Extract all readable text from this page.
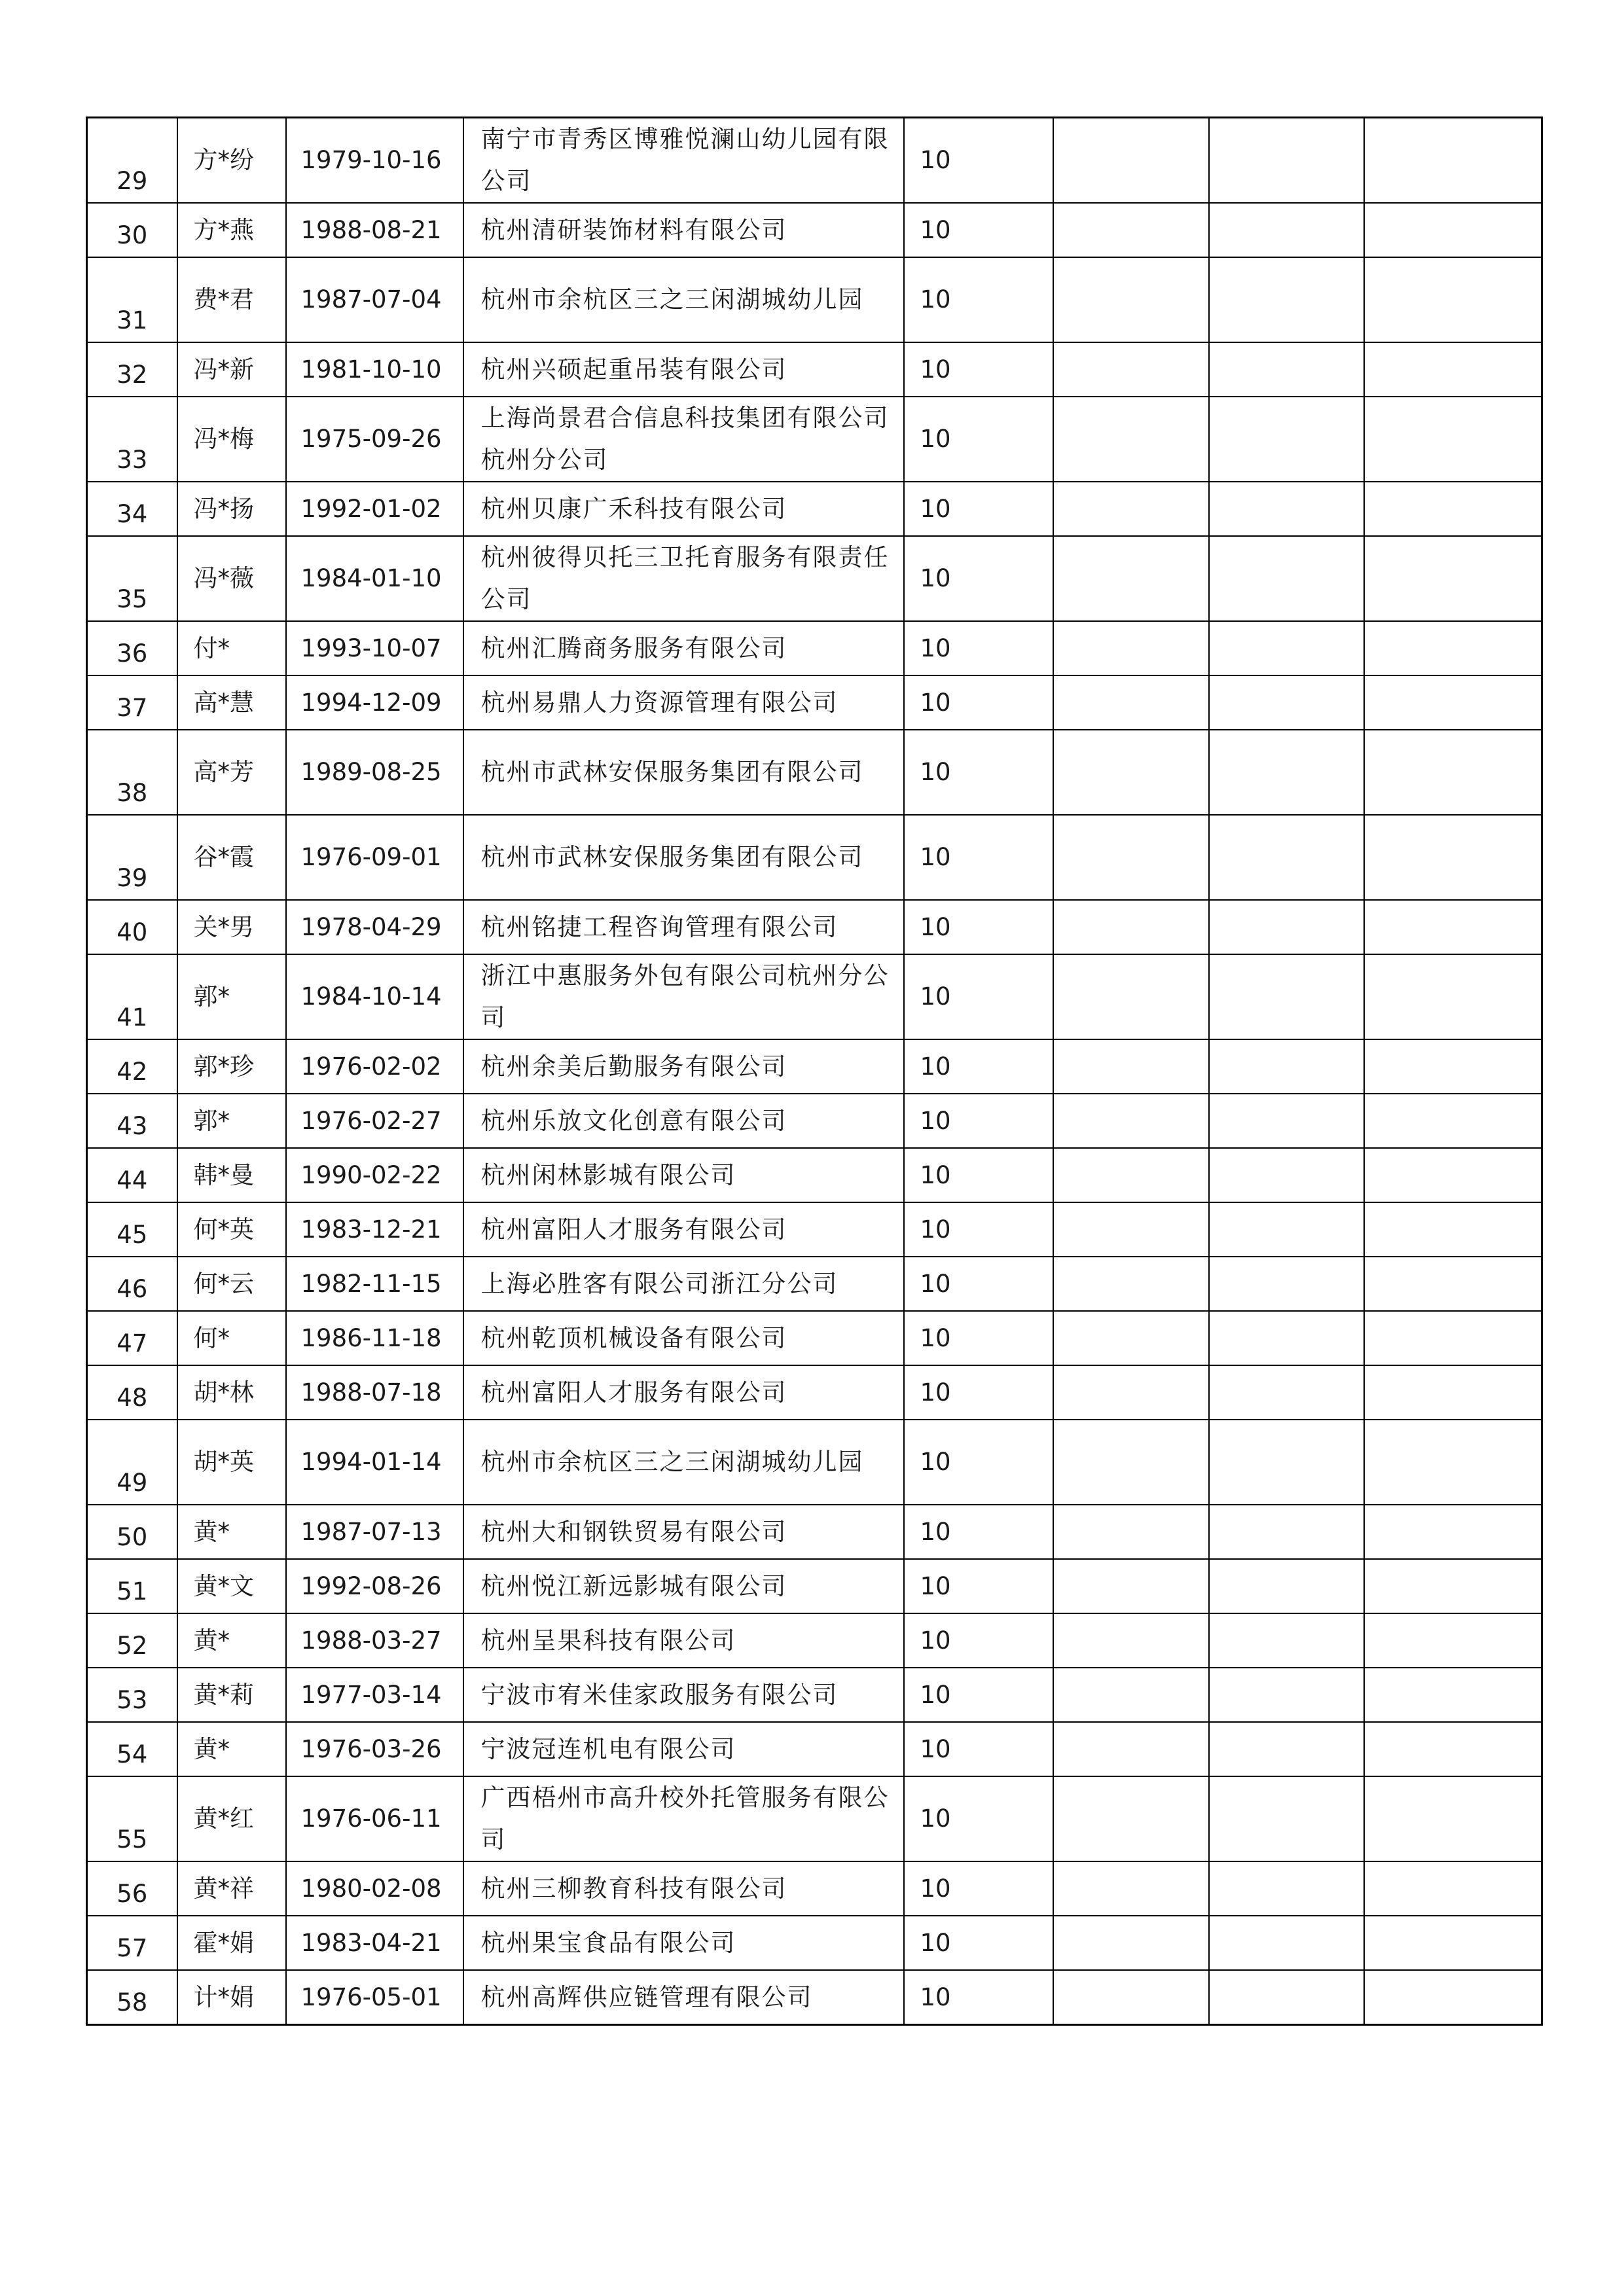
29	方*纷	1979-10-16	南宁市青秀区博雅悦澜山幼儿园有限公司	10			
30	方*燕	1988-08-21	杭州清研装饰材料有限公司	10			
31	费*君	1987-07-04	杭州市余杭区三之三闲湖城幼儿园	10			
32	冯*新	1981-10-10	杭州兴硕起重吊装有限公司	10			
33	冯*梅	1975-09-26	上海尚景君合信息科技集团有限公司杭州分公司	10			
34	冯*扬	1992-01-02	杭州贝康广禾科技有限公司	10			
35	冯*薇	1984-01-10	杭州彼得贝托三卫托育服务有限责任公司	10			
36	付*	1993-10-07	杭州汇腾商务服务有限公司	10			
37	高*慧	1994-12-09	杭州易鼎人力资源管理有限公司	10			
38	高*芳	1989-08-25	杭州市武林安保服务集团有限公司	10			
39	谷*霞	1976-09-01	杭州市武林安保服务集团有限公司	10			
40	关*男	1978-04-29	杭州铭捷工程咨询管理有限公司	10			
41	郭*	1984-10-14	浙江中惠服务外包有限公司杭州分公司	10			
42	郭*珍	1976-02-02	杭州余美后勤服务有限公司	10			
43	郭*	1976-02-27	杭州乐放文化创意有限公司	10			
44	韩*曼	1990-02-22	杭州闲林影城有限公司	10			
45	何*英	1983-12-21	杭州富阳人才服务有限公司	10			
46	何*云	1982-11-15	上海必胜客有限公司浙江分公司	10			
47	何*	1986-11-18	杭州乾顶机械设备有限公司	10			
48	胡*林	1988-07-18	杭州富阳人才服务有限公司	10			
49	胡*英	1994-01-14	杭州市余杭区三之三闲湖城幼儿园	10			
50	黄*	1987-07-13	杭州大和钢铁贸易有限公司	10			
51	黄*文	1992-08-26	杭州悦江新远影城有限公司	10			
52	黄*	1988-03-27	杭州呈果科技有限公司	10			
53	黄*莉	1977-03-14	宁波市宥米佳家政服务有限公司	10			
54	黄*	1976-03-26	宁波冠连机电有限公司	10			
55	黄*红	1976-06-11	广西梧州市高升校外托管服务有限公司	10			
56	黄*祥	1980-02-08	杭州三柳教育科技有限公司	10			
57	霍*娟	1983-04-21	杭州果宝食品有限公司	10			
58	计*娟	1976-05-01	杭州高辉供应链管理有限公司	10			
